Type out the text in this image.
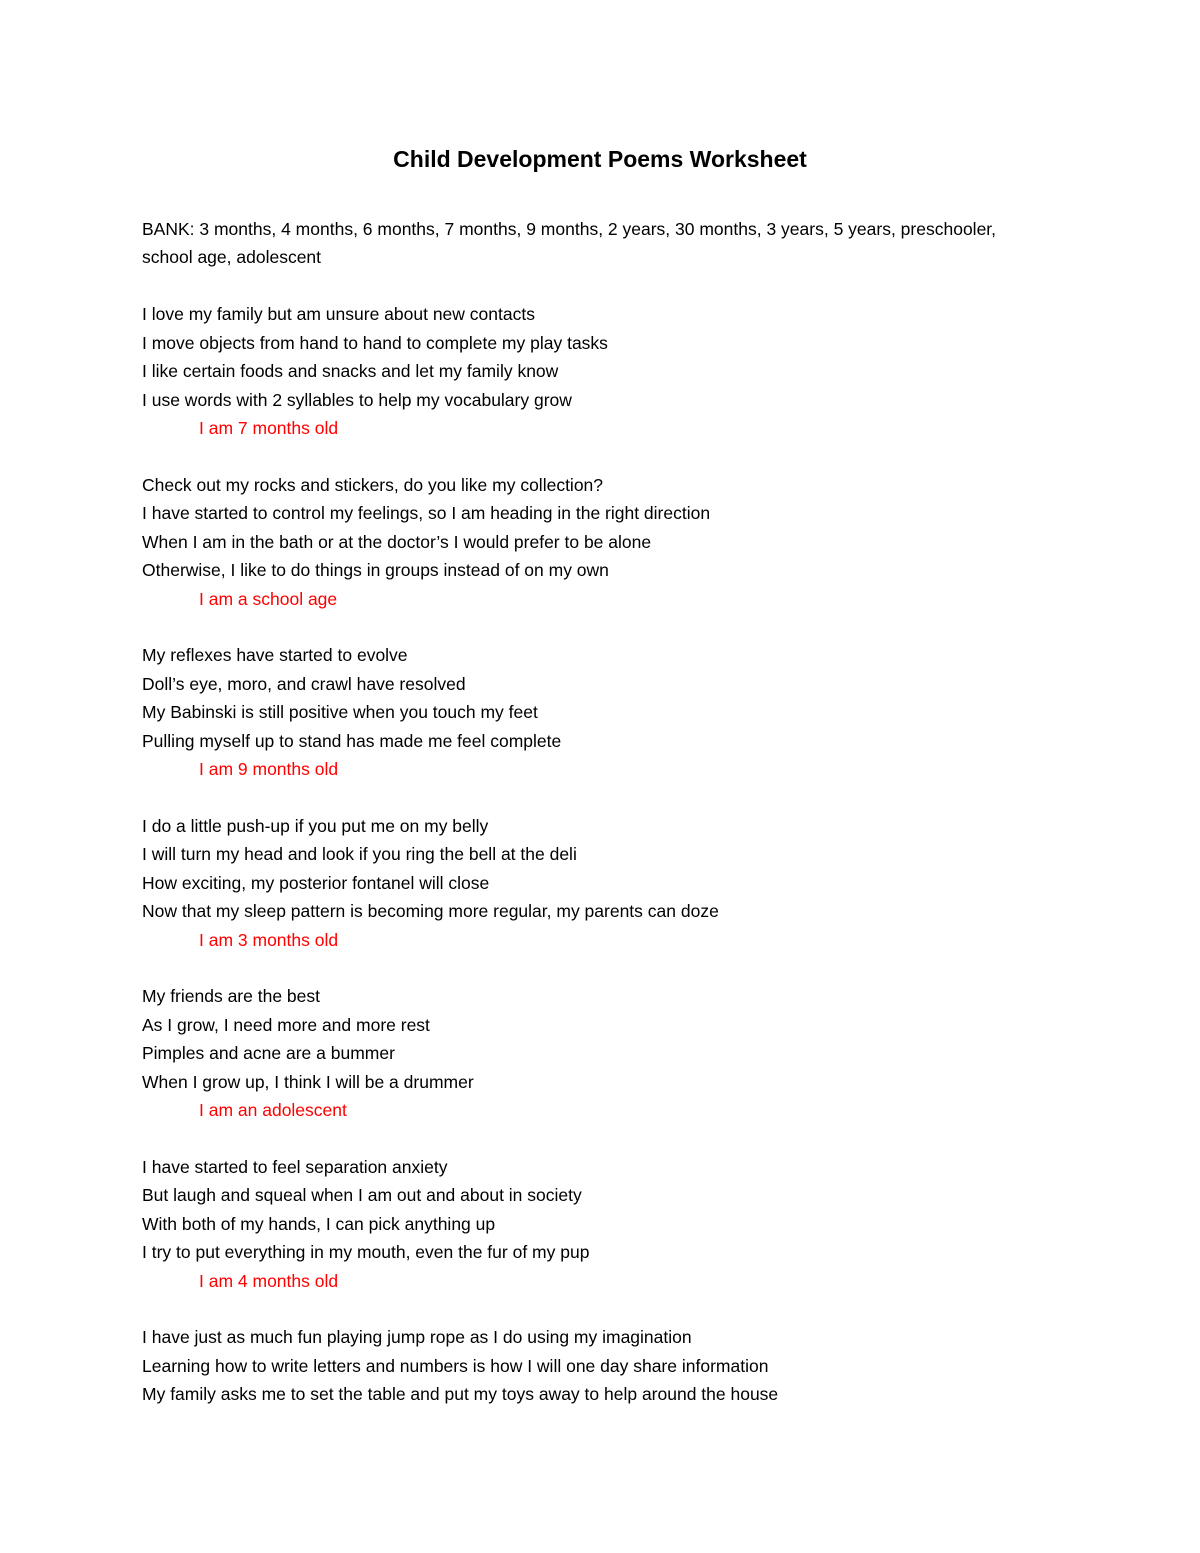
Child Development Poems Worksheet
BANK: 3 months, 4 months, 6 months, 7 months, 9 months, 2 years, 30 months, 3 years, 5 years, preschooler, school age, adolescent
I love my family but am unsure about new contacts
I move objects from hand to hand to complete my play tasks
I like certain foods and snacks and let my family know
I use words with 2 syllables to help my vocabulary grow
I am 7 months old
Check out my rocks and stickers, do you like my collection?
I have started to control my feelings, so I am heading in the right direction
When I am in the bath or at the doctor’s I would prefer to be alone
Otherwise, I like to do things in groups instead of on my own
I am a school age
My reflexes have started to evolve
Doll’s eye, moro, and crawl have resolved
My Babinski is still positive when you touch my feet
Pulling myself up to stand has made me feel complete
I am 9 months old
I do a little push-up if you put me on my belly
I will turn my head and look if you ring the bell at the deli
How exciting, my posterior fontanel will close
Now that my sleep pattern is becoming more regular, my parents can doze
I am 3 months old
My friends are the best
As I grow, I need more and more rest
Pimples and acne are a bummer
When I grow up, I think I will be a drummer
I am an adolescent
I have started to feel separation anxiety
But laugh and squeal when I am out and about in society
With both of my hands, I can pick anything up
I try to put everything in my mouth, even the fur of my pup
I am 4 months old
I have just as much fun playing jump rope as I do using my imagination
Learning how to write letters and numbers is how I will one day share information
My family asks me to set the table and put my toys away to help around the house
